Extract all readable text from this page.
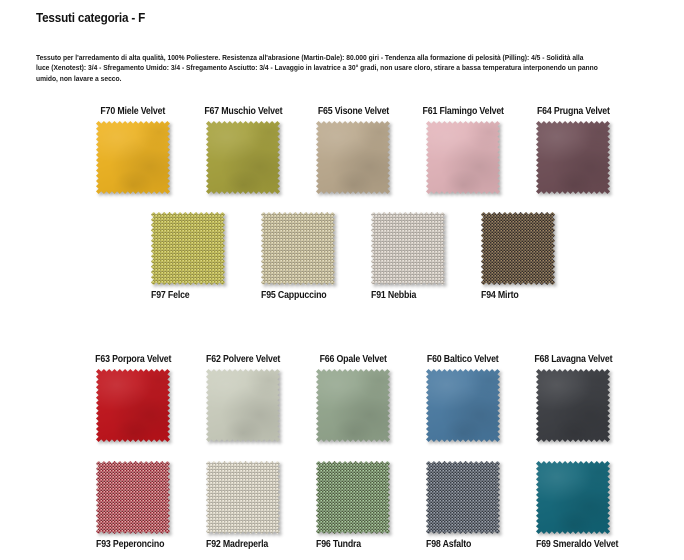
Tessuti categoria - F
Tessuto per l'arredamento di alta qualità, 100% Poliestere. Resistenza all'abrasione (Martin-Dale): 80.000 giri - Tendenza alla formazione di pelosità (Pilling): 4/5 - Solidità alla
luce (Xenotest): 3/4 - Sfregamento Umido: 3/4 - Sfregamento Asciutto: 3/4 - Lavaggio in lavatrice a 30° gradi, non usare cloro, stirare a bassa temperatura interponendo un panno
umido, non lavare a secco.
F70 Miele Velvet	F67 Muschio Velvet	F65 Visone Velvet	F61 Flamingo Velvet	F64 Prugna Velvet
F97 Felce	F95 Cappuccino	F91 Nebbia	F94 Mirto
F63 Porpora Velvet	F62 Polvere Velvet	F66 Opale Velvet	F60 Baltico Velvet	F68 Lavagna Velvet
F93 Peperoncino	F92 Madreperla	F96 Tundra	F98 Asfalto	F69 Smeraldo Velvet
